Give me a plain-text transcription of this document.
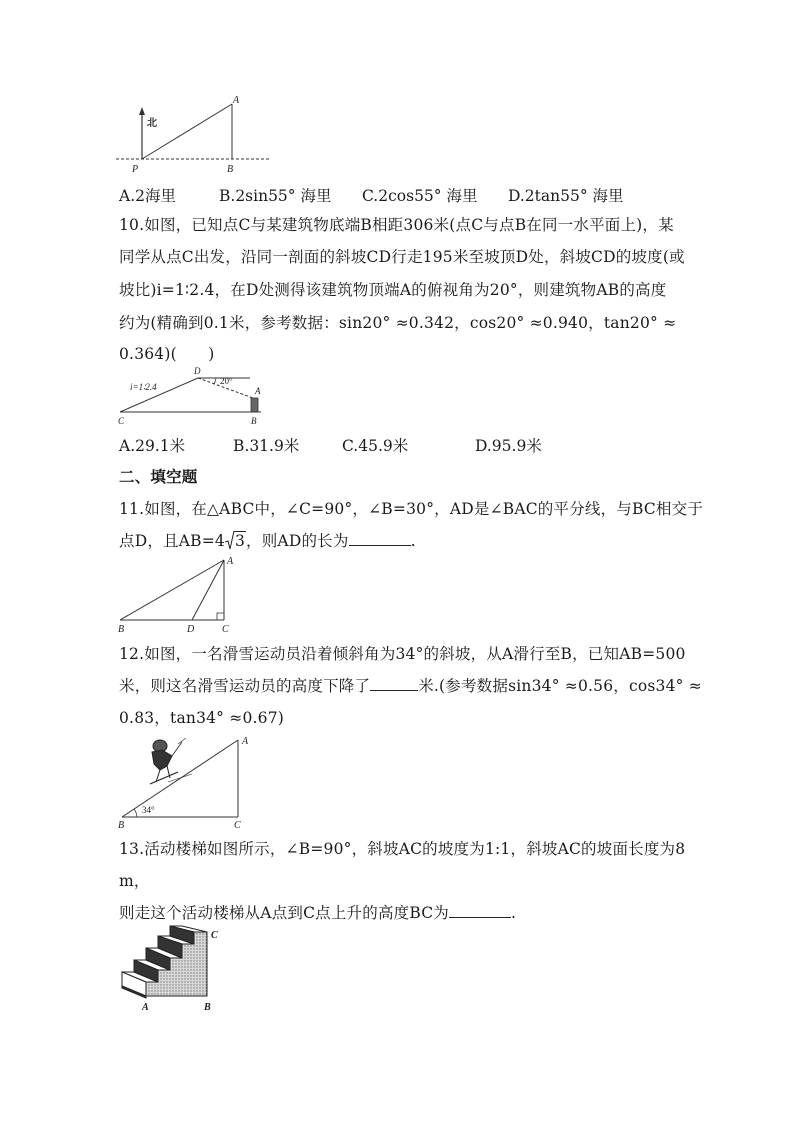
北
A
B
P
A.2海里	B.2sin55° 海里 C.2cos55° 海里 D.2tan55° 海里
10.如图，已知点C与某建筑物底端B相距306米(点C与点B在同一水平面上)，某
同学从点C出发，沿同一剖面的斜坡CD行走195米至坡顶D处，斜坡CD的坡度(或
坡比)i=1∶2.4，在D处测得该建筑物顶端A的俯视角为20°，则建筑物AB的高度
约为(精确到0.1米，参考数据：sin20° ≈0.342，cos20° ≈0.940，tan20° ≈
0.364)(　　)
i=1∶2.4
20°
D
A
C	B
A.29.1米	B.31.9米	C.45.9米	D.95.9米
二、填空题
11.如图，在△ABC中，∠C=90°，∠B=30°，AD是∠BAC的平分线，与BC相交于
点D，且AB=4 3，则AD的长为	.
A
B	D	C
12.如图，一名滑雪运动员沿着倾斜角为34°的斜坡，从A滑行至B，已知AB=500
米，则这名滑雪运动员的高度下降了	米.(参考数据sin34° ≈0.56，cos34° ≈
0.83，tan34° ≈0.67)
34°
A
B	C
13.活动楼梯如图所示，∠B=90°，斜坡AC的坡度为1:1，斜坡AC的坡面长度为8
m，
则走这个活动楼梯从A点到C点上升的高度BC为	.
A	B
C
